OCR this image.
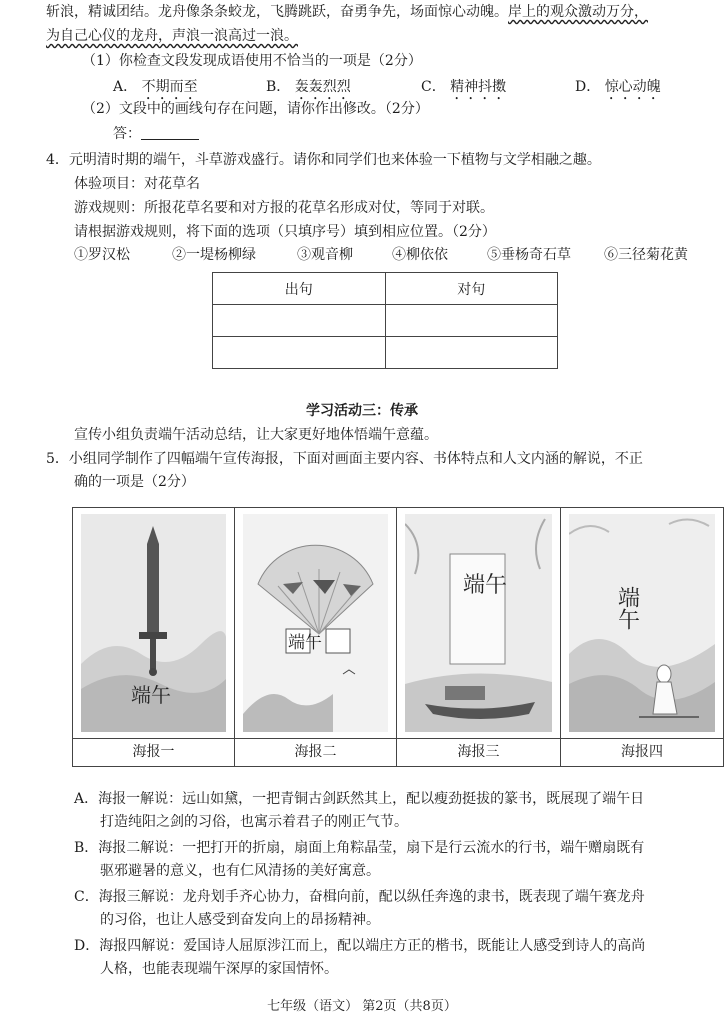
斩浪，精诚团结。龙舟像条条蛟龙，飞腾跳跃，奋勇争先，场面惊心动魄。岸上的观众激动万分，
为自己心仪的龙舟，声浪一浪高过一浪。
（1）你检查文段发现成语使用不恰当的一项是（2分）
A． 不期而至	B． 轰轰烈烈	C． 精神抖擞	D． 惊心动魄
（2）文段中的画线句存在问题，请你作出修改。（2分）
答：
4．元明清时期的端午，斗草游戏盛行。请你和同学们也来体验一下植物与文学相融之趣。
体验项目：对花草名
游戏规则：所报花草名要和对方报的花草名形成对仗，等同于对联。
请根据游戏规则，将下面的选项（只填序号）填到相应位置。（2分）
①罗汉松	②一堤杨柳绿	③观音柳	④柳依依	⑤垂杨奇石草 ⑥三径菊花黄
出句	对句

学习活动三：传承
宣传小组负责端午活动总结，让大家更好地体悟端午意蕴。
5．小组同学制作了四幅端午宣传海报，下面对画面主要内容、书体特点和人文内涵的解说，不正
确的一项是（2分）
端午
海报一
端午
海报二
端午
海报三
端午
海报四
A．海报一解说：远山如黛，一把青铜古剑跃然其上，配以瘦劲挺拔的篆书，既展现了端午日
打造纯阳之剑的习俗，也寓示着君子的刚正气节。
B．海报二解说：一把打开的折扇，扇面上角粽晶莹，扇下是行云流水的行书，端午赠扇既有
驱邪避暑的意义，也有仁风清扬的美好寓意。
C．海报三解说：龙舟划手齐心协力，奋楫向前，配以纵任奔逸的隶书，既表现了端午赛龙舟
的习俗，也让人感受到奋发向上的昂扬精神。
D．海报四解说：爱国诗人屈原涉江而上，配以端庄方正的楷书，既能让人感受到诗人的高尚
人格，也能表现端午深厚的家国情怀。
七年级（语文） 第2页（共8页）
